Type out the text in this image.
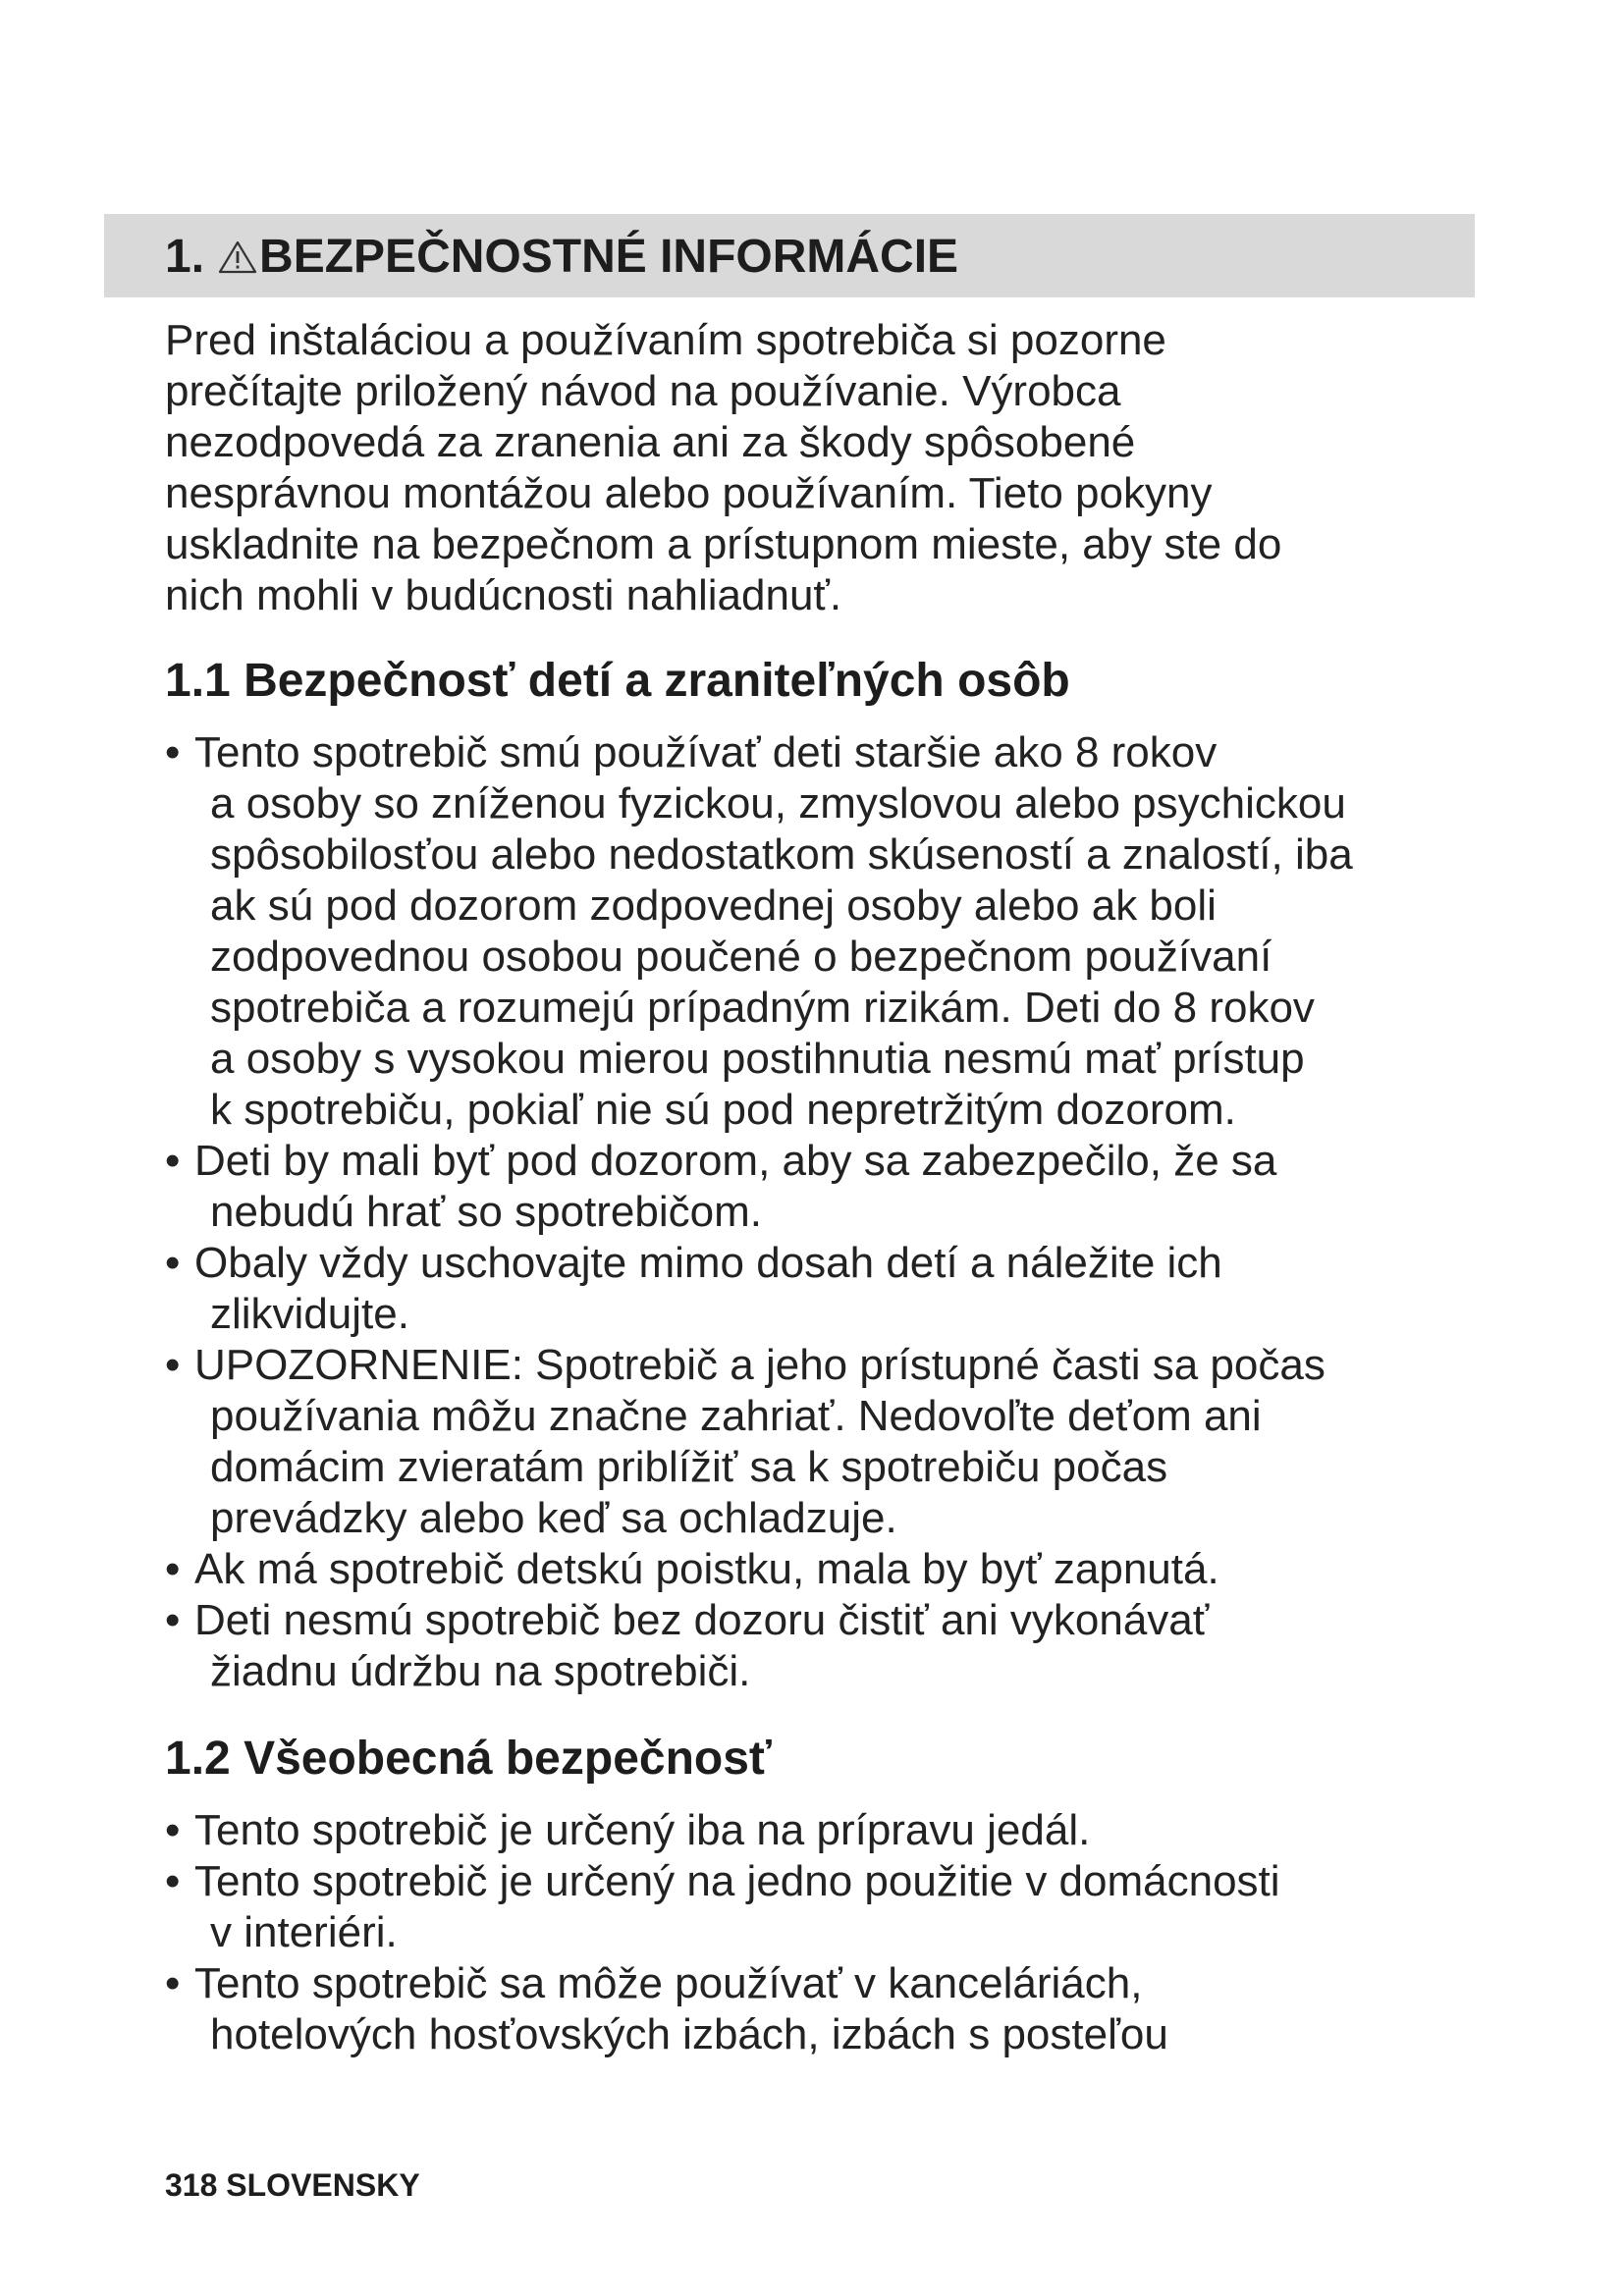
1. BEZPEČNOSTNÉ INFORMÁCIE

Pred inštaláciou a používaním spotrebiča si pozorne
prečítajte priložený návod na používanie. Výrobca
nezodpovedá za zranenia ani za škody spôsobené
nesprávnou montážou alebo používaním. Tieto pokyny
uskladnite na bezpečnom a prístupnom mieste, aby ste do
nich mohli v budúcnosti nahliadnuť.

1.1 Bezpečnosť detí a zraniteľných osôb
• Tento spotrebič smú používať deti staršie ako 8 rokov
a osoby so zníženou fyzickou, zmyslovou alebo psychickou
spôsobilosťou alebo nedostatkom skúseností a znalostí, iba
ak sú pod dozorom zodpovednej osoby alebo ak boli
zodpovednou osobou poučené o bezpečnom používaní
spotrebiča a rozumejú prípadným rizikám. Deti do 8 rokov
a osoby s vysokou mierou postihnutia nesmú mať prístup
k spotrebiču, pokiaľ nie sú pod nepretržitým dozorom.
• Deti by mali byť pod dozorom, aby sa zabezpečilo, že sa
nebudú hrať so spotrebičom.
• Obaly vždy uschovajte mimo dosah detí a náležite ich
zlikvidujte.
• UPOZORNENIE: Spotrebič a jeho prístupné časti sa počas
používania môžu značne zahriať. Nedovoľte deťom ani
domácim zvieratám priblížiť sa k spotrebiču počas
prevádzky alebo keď sa ochladzuje.
• Ak má spotrebič detskú poistku, mala by byť zapnutá.
• Deti nesmú spotrebič bez dozoru čistiť ani vykonávať
žiadnu údržbu na spotrebiči.
1.2 Všeobecná bezpečnosť
• Tento spotrebič je určený iba na prípravu jedál.
• Tento spotrebič je určený na jedno použitie v domácnosti
v interiéri.
• Tento spotrebič sa môže používať v kanceláriách,
hotelových hosťovských izbách, izbách s posteľou
318 SLOVENSKY
